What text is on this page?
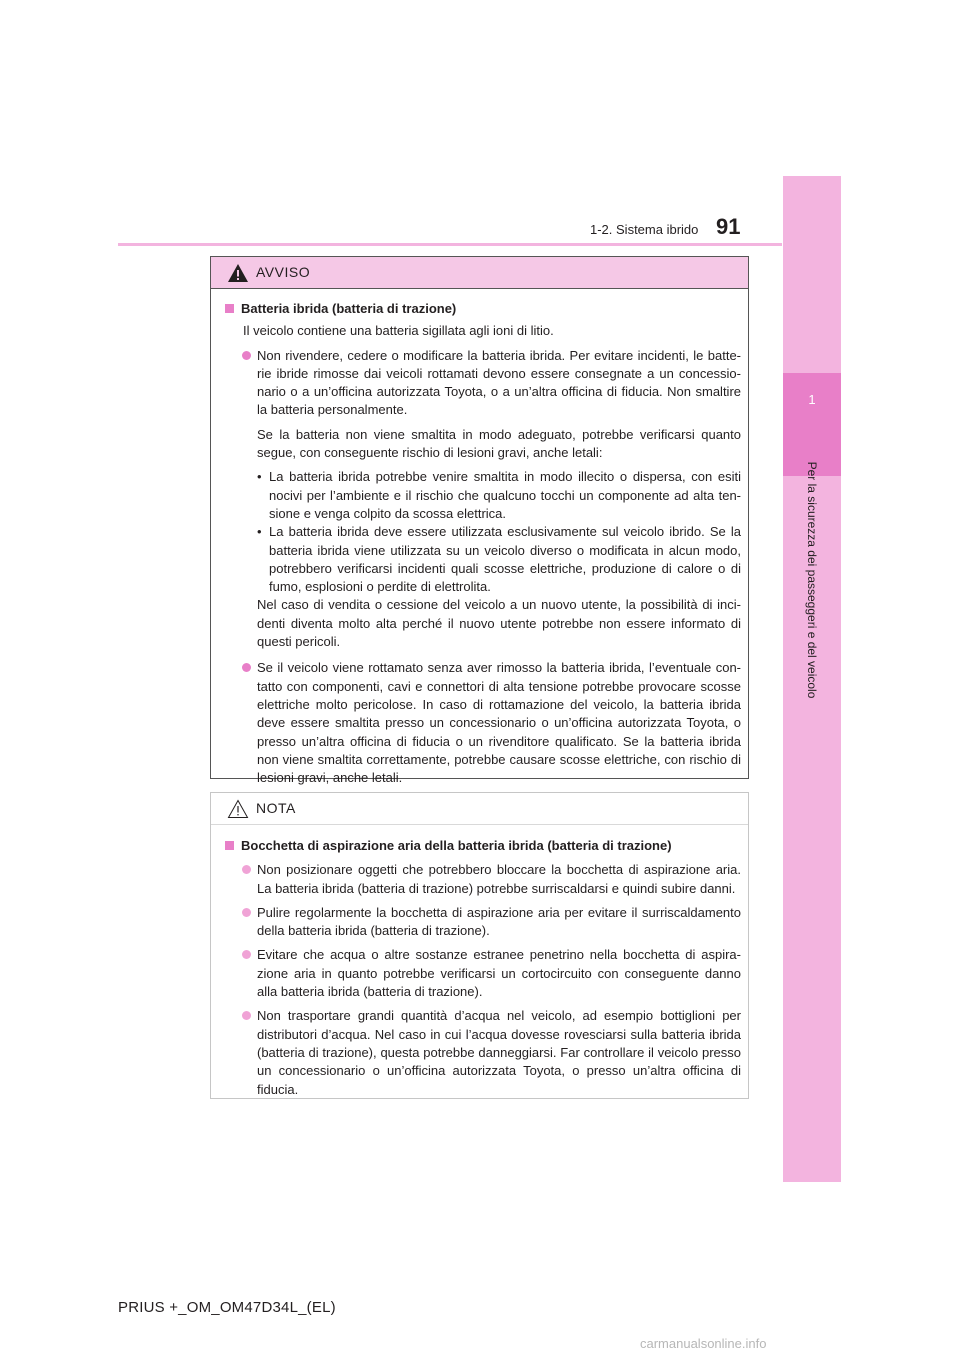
1-2. Sistema ibrido 91
1
Per la sicurezza dei passeggeri e del veicolo
AVVISO
Batteria ibrida (batteria di trazione)
Il veicolo contiene una batteria sigillata agli ioni di litio.
Non rivendere, cedere o modificare la batteria ibrida. Per evitare incidenti, le batte-rie ibride rimosse dai veicoli rottamati devono essere consegnate a un concessio-nario o a un’officina autorizzata Toyota, o a un’altra officina di fiducia. Non smaltire la batteria personalmente.
Se la batteria non viene smaltita in modo adeguato, potrebbe verificarsi quanto segue, con conseguente rischio di lesioni gravi, anche letali:
• La batteria ibrida potrebbe venire smaltita in modo illecito o dispersa, con esiti nocivi per l’ambiente e il rischio che qualcuno tocchi un componente ad alta ten-sione e venga colpito da scossa elettrica.
• La batteria ibrida deve essere utilizzata esclusivamente sul veicolo ibrido. Se la batteria ibrida viene utilizzata su un veicolo diverso o modificata in alcun modo, potrebbero verificarsi incidenti quali scosse elettriche, produzione di calore o di fumo, esplosioni o perdite di elettrolita.
Nel caso di vendita o cessione del veicolo a un nuovo utente, la possibilità di inci-denti diventa molto alta perché il nuovo utente potrebbe non essere informato di questi pericoli.
Se il veicolo viene rottamato senza aver rimosso la batteria ibrida, l’eventuale con-tatto con componenti, cavi e connettori di alta tensione potrebbe provocare scosse elettriche molto pericolose. In caso di rottamazione del veicolo, la batteria ibrida deve essere smaltita presso un concessionario o un’officina autorizzata Toyota, o presso un’altra officina di fiducia o un rivenditore qualificato. Se la batteria ibrida non viene smaltita correttamente, potrebbe causare scosse elettriche, con rischio di lesioni gravi, anche letali.
NOTA
Bocchetta di aspirazione aria della batteria ibrida (batteria di trazione)
Non posizionare oggetti che potrebbero bloccare la bocchetta di aspirazione aria. La batteria ibrida (batteria di trazione) potrebbe surriscaldarsi e quindi subire danni.
Pulire regolarmente la bocchetta di aspirazione aria per evitare il surriscaldamento della batteria ibrida (batteria di trazione).
Evitare che acqua o altre sostanze estranee penetrino nella bocchetta di aspira-zione aria in quanto potrebbe verificarsi un cortocircuito con conseguente danno alla batteria ibrida (batteria di trazione).
Non trasportare grandi quantità d’acqua nel veicolo, ad esempio bottiglioni per distributori d’acqua. Nel caso in cui l’acqua dovesse rovesciarsi sulla batteria ibrida (batteria di trazione), questa potrebbe danneggiarsi. Far controllare il veicolo presso un concessionario o un’officina autorizzata Toyota, o presso un’altra officina di fiducia.
PRIUS +_OM_OM47D34L_(EL)
carmanualsonline.info
